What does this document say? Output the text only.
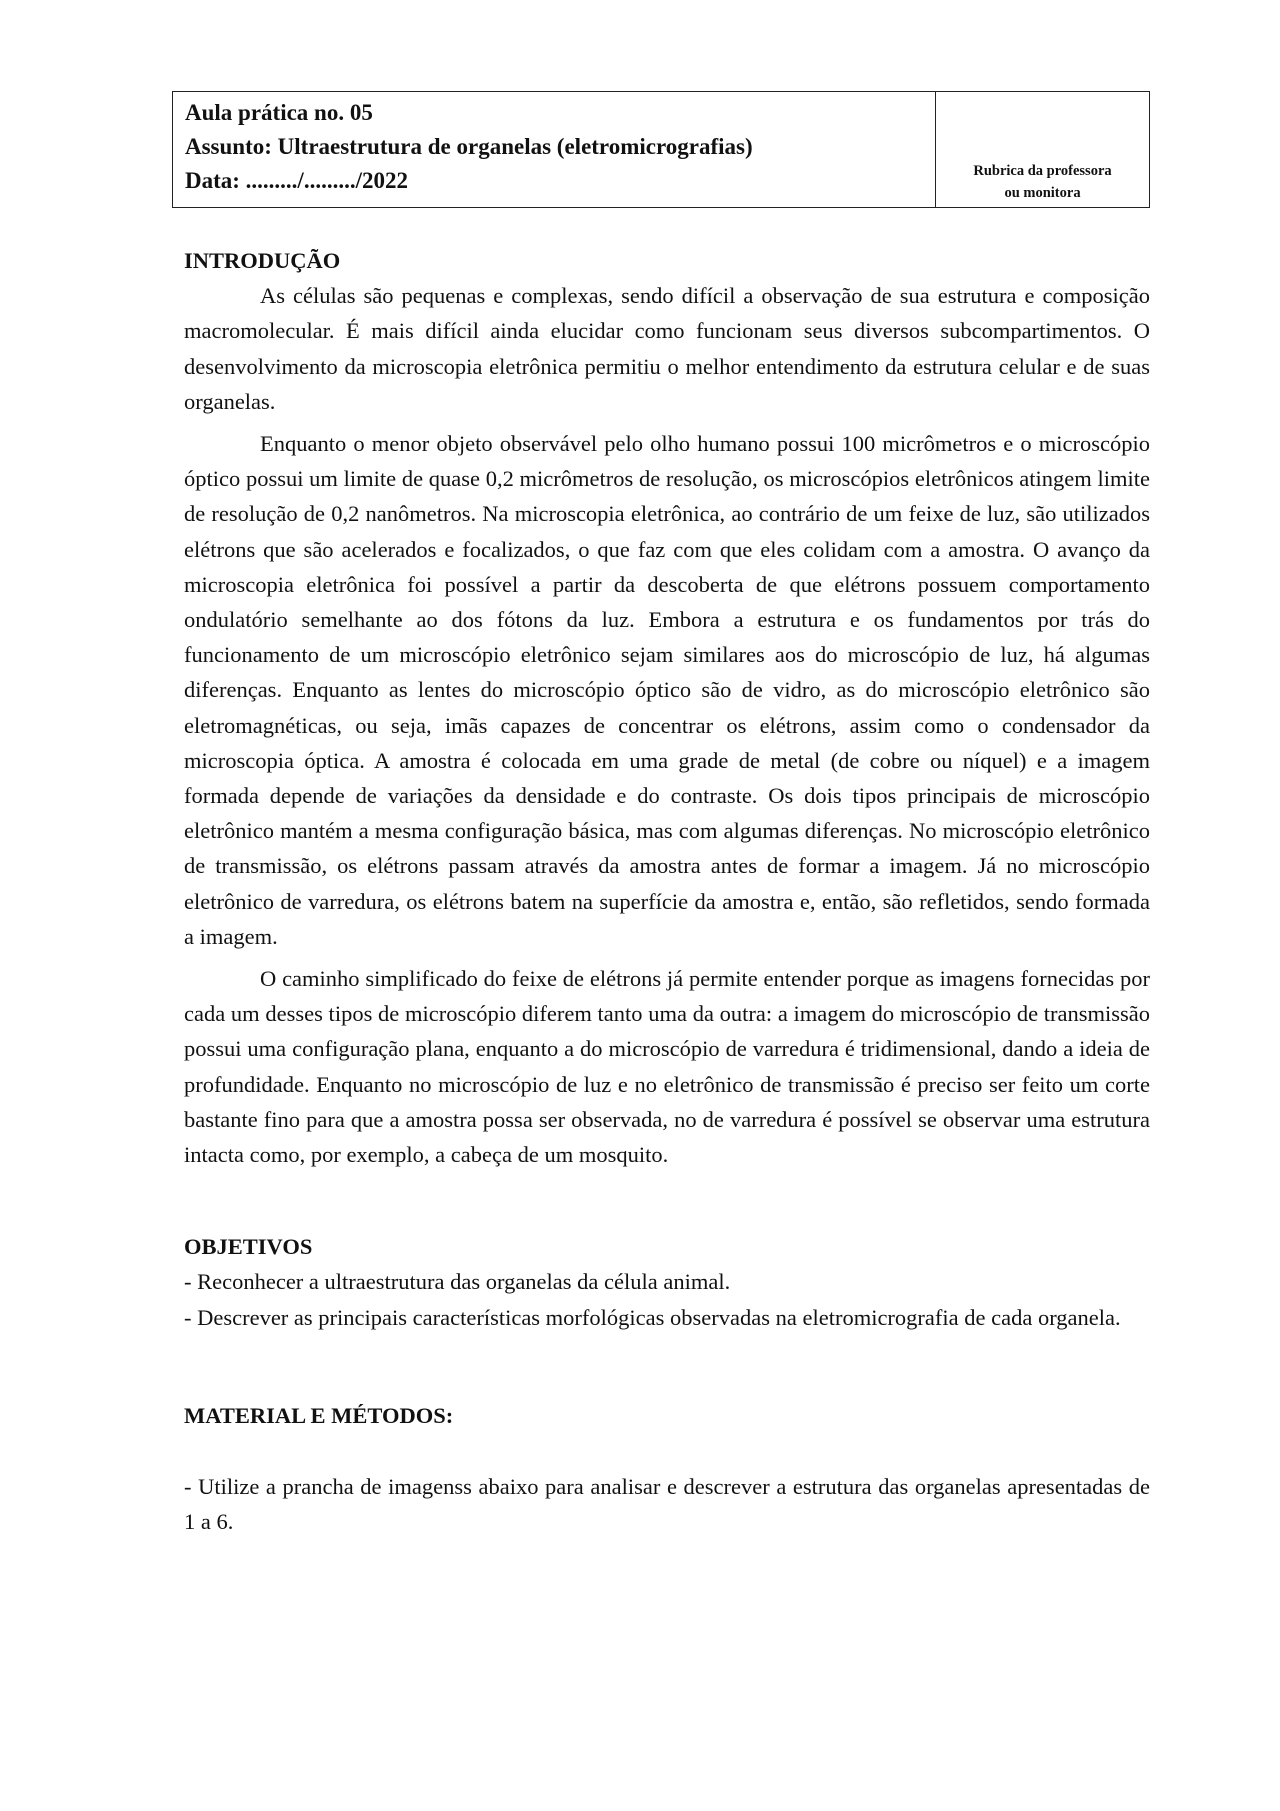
Aula prática no. 05
Assunto: Ultraestrutura de organelas (eletromicrografias)
Data: ........./........./2022	Rubrica da professora
ou monitora

INTRODUÇÃO

As células são pequenas e complexas, sendo difícil a observação de sua estrutura e composição macromolecular. É mais difícil ainda elucidar como funcionam seus diversos subcompartimentos. O desenvolvimento da microscopia eletrônica permitiu o melhor entendimento da estrutura celular e de suas organelas.

Enquanto o menor objeto observável pelo olho humano possui 100 micrômetros e o microscópio óptico possui um limite de quase 0,2 micrômetros de resolução, os microscópios eletrônicos atingem limite de resolução de 0,2 nanômetros. Na microscopia eletrônica, ao contrário de um feixe de luz, são utilizados elétrons que são acelerados e focalizados, o que faz com que eles colidam com a amostra. O avanço da microscopia eletrônica foi possível a partir da descoberta de que elétrons possuem comportamento ondulatório semelhante ao dos fótons da luz. Embora a estrutura e os fundamentos por trás do funcionamento de um microscópio eletrônico sejam similares aos do microscópio de luz, há algumas diferenças. Enquanto as lentes do microscópio óptico são de vidro, as do microscópio eletrônico são eletromagnéticas, ou seja, imãs capazes de concentrar os elétrons, assim como o condensador da microscopia óptica. A amostra é colocada em uma grade de metal (de cobre ou níquel) e a imagem formada depende de variações da densidade e do contraste. Os dois tipos principais de microscópio eletrônico mantém a mesma configuração básica, mas com algumas diferenças. No microscópio eletrônico de transmissão, os elétrons passam através da amostra antes de formar a imagem. Já no microscópio eletrônico de varredura, os elétrons batem na superfície da amostra e, então, são refletidos, sendo formada a imagem.

O caminho simplificado do feixe de elétrons já permite entender porque as imagens fornecidas por cada um desses tipos de microscópio diferem tanto uma da outra: a imagem do microscópio de transmissão possui uma configuração plana, enquanto a do microscópio de varredura é tridimensional, dando a ideia de profundidade. Enquanto no microscópio de luz e no eletrônico de transmissão é preciso ser feito um corte bastante fino para que a amostra possa ser observada, no de varredura é possível se observar uma estrutura intacta como, por exemplo, a cabeça de um mosquito.

OBJETIVOS

- Reconhecer a ultraestrutura das organelas da célula animal.

- Descrever as principais características morfológicas observadas na eletromicrografia de cada organela.

MATERIAL E MÉTODOS:

- Utilize a prancha de imagenss abaixo para analisar e descrever a estrutura das organelas apresentadas de 1 a 6.
